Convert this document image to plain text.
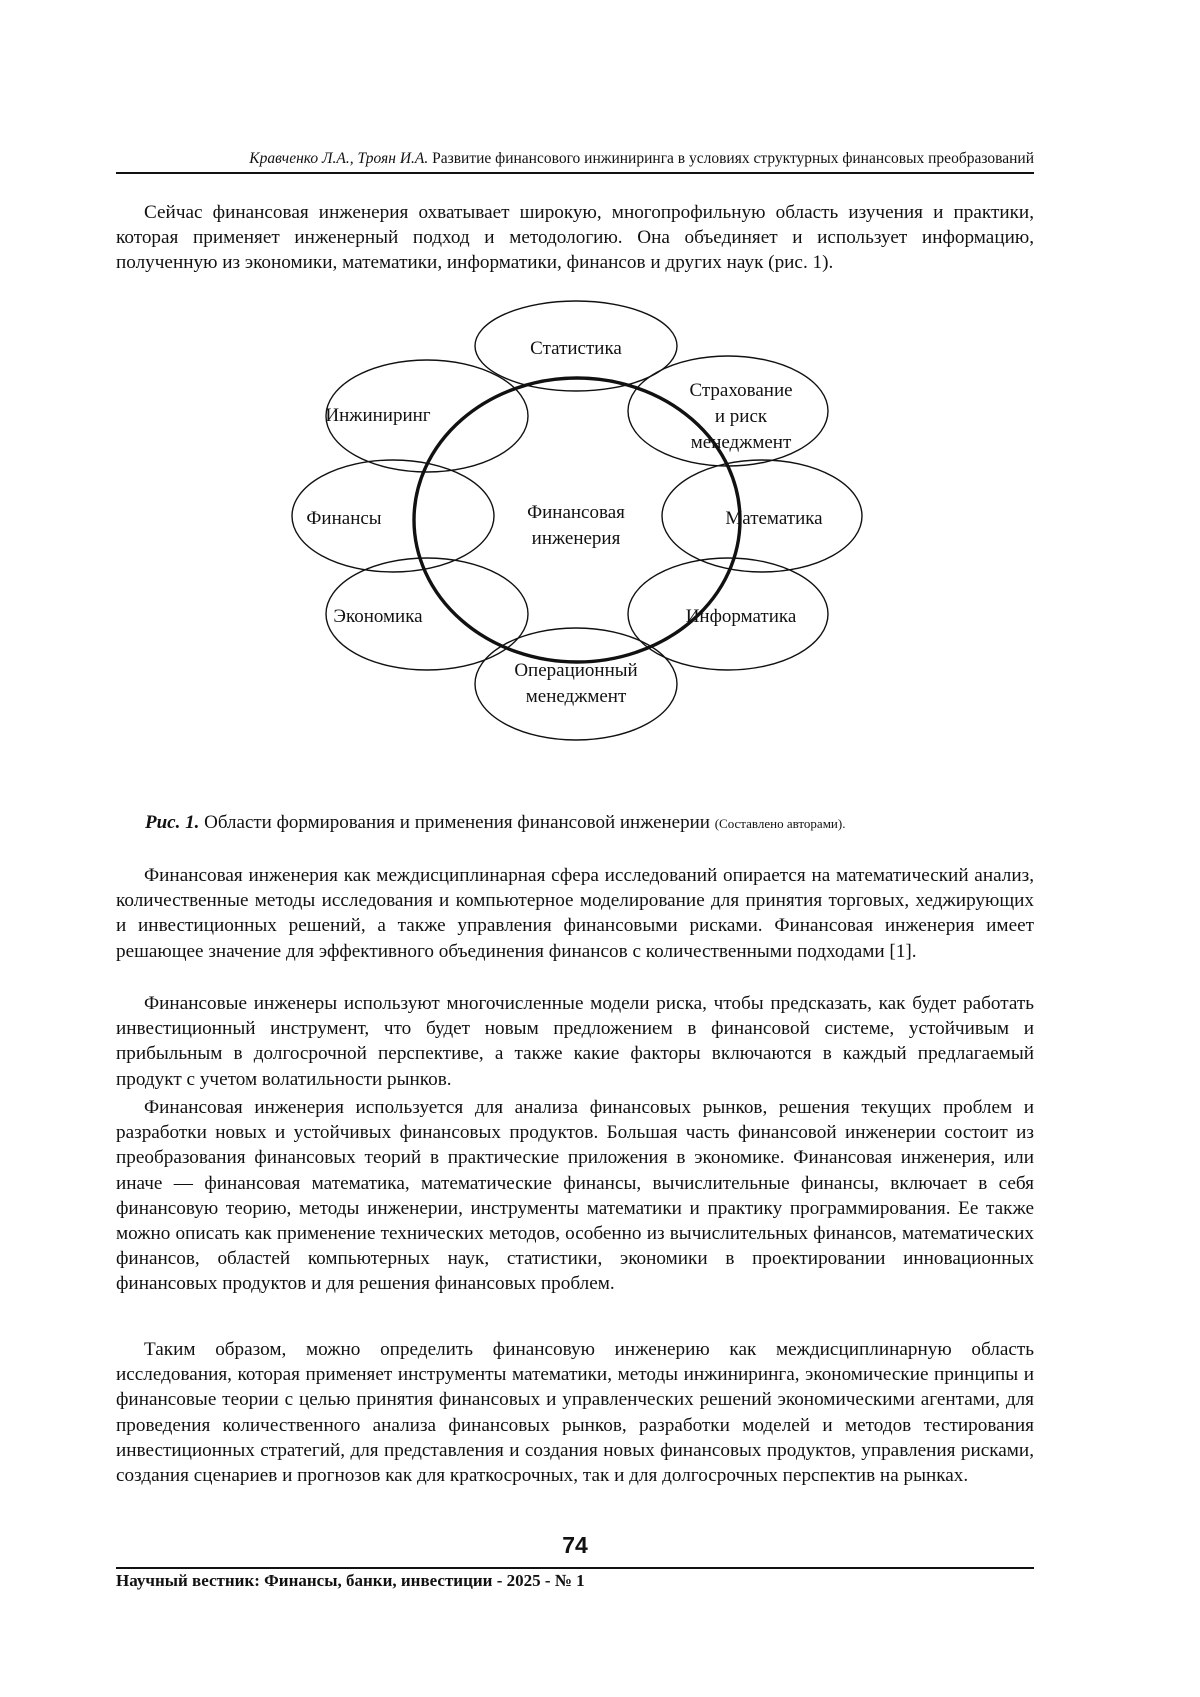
Кравченко Л.А., Троян И.А. Развитие финансового инжиниринга в условиях структурных финансовых преобразований

Сейчас финансовая инженерия охватывает широкую, многопрофильную область изучения и практики, которая применяет инженерный подход и методологию. Она объединяет и использует информацию, полученную из экономики, математики, информатики, финансов и других наук (рис. 1).

Финансовая
инженерия
Статистика
Страхование
и риск
менеджмент
Математика
Информатика
Операционный
менеджмент
Экономика
Финансы
Инжиниринг
Рис. 1. Области формирования и применения финансовой инженерии (Составлено авторами).

Финансовая инженерия как междисциплинарная сфера исследований опирается на математический анализ, количественные методы исследования и компьютерное моделирование для принятия торговых, хеджирующих и инвестиционных решений, а также управления финансовыми рисками. Финансовая инженерия имеет решающее значение для эффективного объединения финансов с количественными подходами [1].

Финансовые инженеры используют многочисленные модели риска, чтобы предсказать, как будет работать инвестиционный инструмент, что будет новым предложением в финансовой системе, устойчивым и прибыльным в долгосрочной перспективе, а также какие факторы включаются в каждый предлагаемый продукт с учетом волатильности рынков.

Финансовая инженерия используется для анализа финансовых рынков, решения текущих проблем и разработки новых и устойчивых финансовых продуктов. Большая часть финансовой инженерии состоит из преобразования финансовых теорий в практические приложения в экономике. Финансовая инженерия, или иначе — финансовая математика, математические финансы, вычислительные финансы, включает в себя финансовую теорию, методы инженерии, инструменты математики и практику программирования. Ее также можно описать как применение технических методов, особенно из вычислительных финансов, математических финансов, областей компьютерных наук, статистики, экономики в проектировании инновационных финансовых продуктов и для решения финансовых проблем.

Таким образом, можно определить финансовую инженерию как междисциплинарную область исследования, которая применяет инструменты математики, методы инжиниринга, экономические принципы и финансовые теории с целью принятия финансовых и управленческих решений экономическими агентами, для проведения количественного анализа финансовых рынков, разработки моделей и методов тестирования инвестиционных стратегий, для представления и создания новых финансовых продуктов, управления рисками, создания сценариев и прогнозов как для краткосрочных, так и для долгосрочных перспектив на рынках.

74
Научный вестник: Финансы, банки, инвестиции - 2025 - № 1
